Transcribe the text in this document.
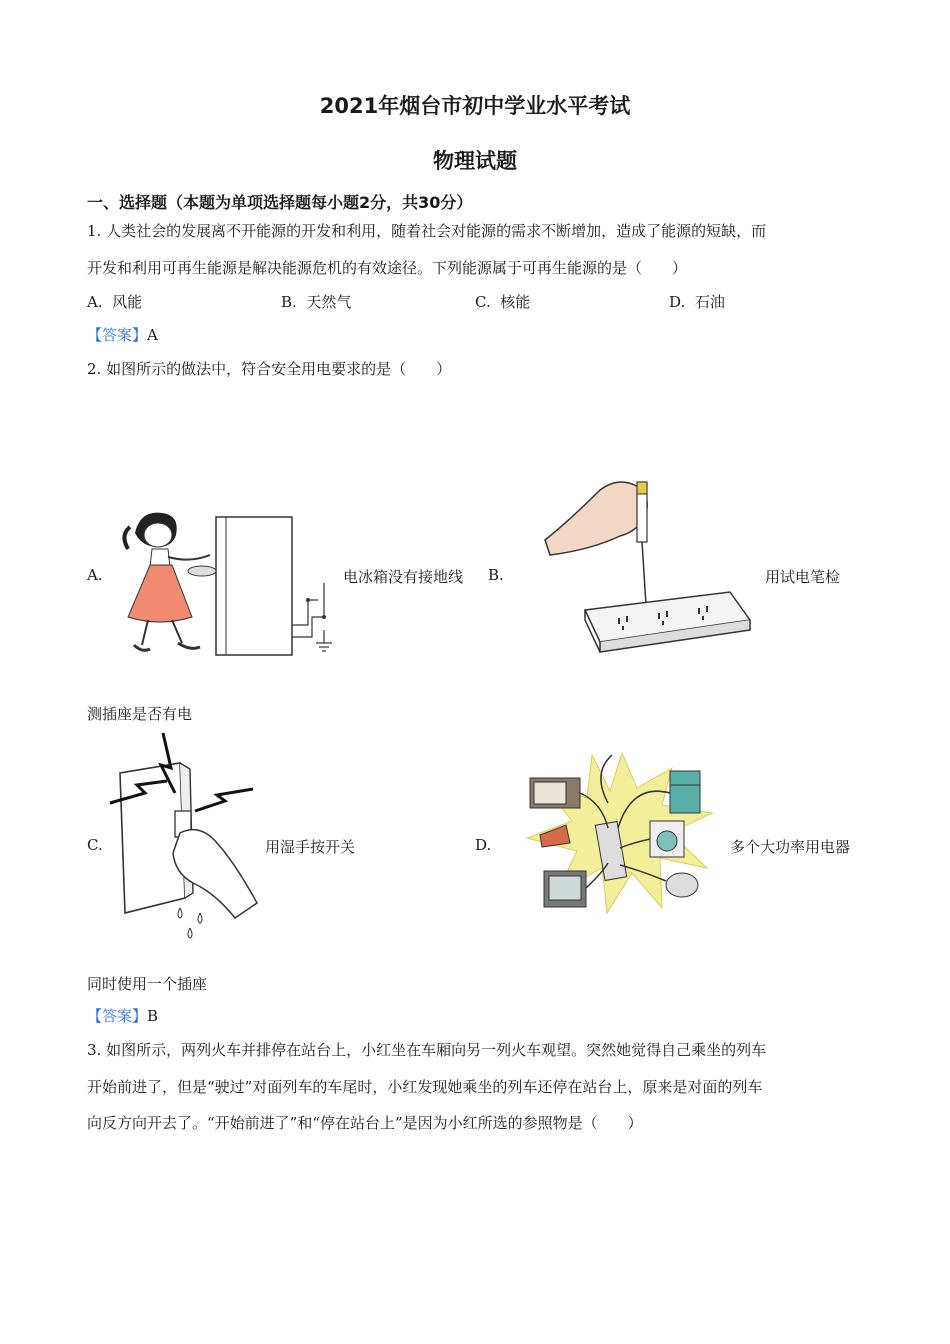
2021年烟台市初中学业水平考试
物理试题
一、选择题（本题为单项选择题每小题2分，共30分）
1. 人类社会的发展离不开能源的开发和利用，随着社会对能源的需求不断增加，造成了能源的短缺，而
开发和利用可再生能源是解决能源危机的有效途径。下列能源属于可再生能源的是（　　）
A. 风能	B. 天然气	C. 核能	D. 石油
【答案】A
2. 如图所示的做法中，符合安全用电要求的是（　　）
A.	电冰箱没有接地线 B.	用试电笔检
测插座是否有电
C.	用湿手按开关	D.	多个大功率用电器
同时使用一个插座
【答案】B
3. 如图所示，两列火车并排停在站台上，小红坐在车厢向另一列火车观望。突然她觉得自己乘坐的列车
开始前进了，但是“驶过”对面列车的车尾时，小红发现她乘坐的列车还停在站台上，原来是对面的列车
向反方向开去了。“开始前进了”和“停在站台上”是因为小红所选的参照物是（　　）
